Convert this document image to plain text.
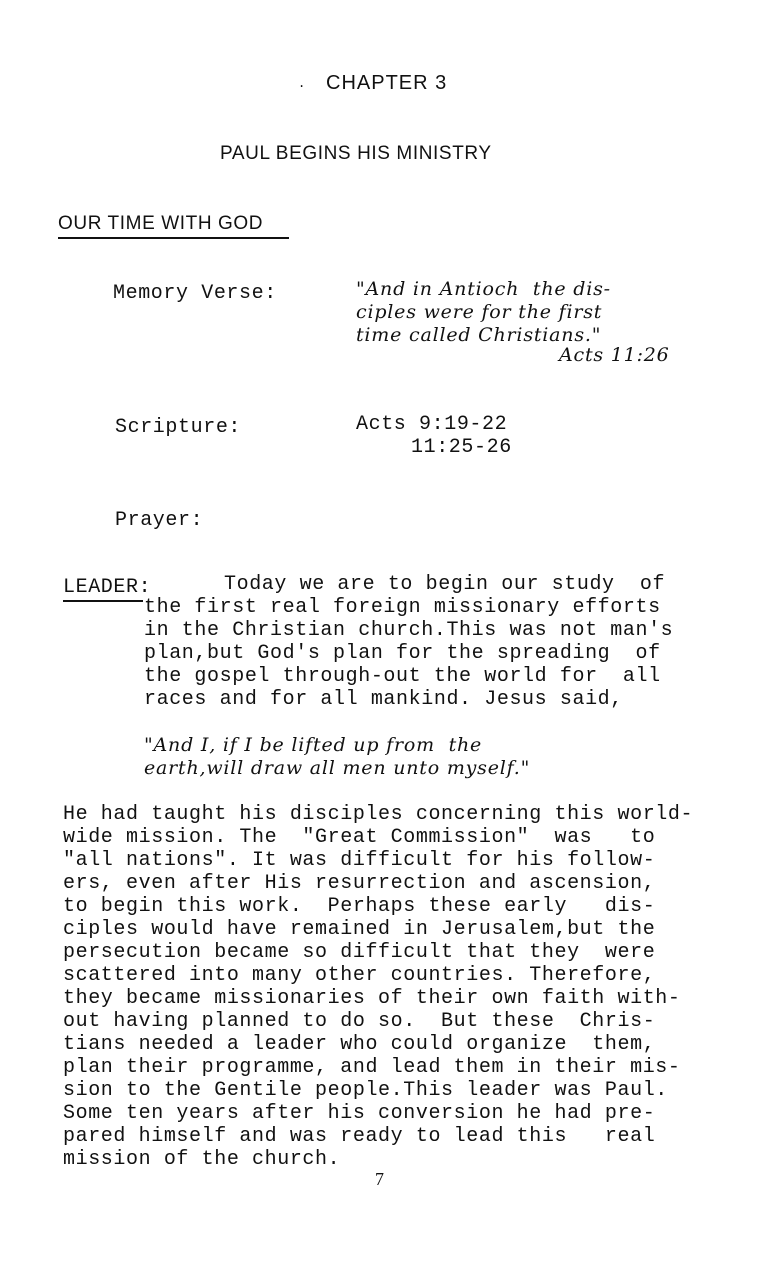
. CHAPTER 3
PAUL BEGINS HIS MINISTRY
OUR TIME WITH GOD
Memory Verse:	"And in Antioch  the dis-
ciples were for the first
time called Christians."
Acts 11:26
Scripture:	Acts 9:19-22
11:25-26
Prayer:
LEADER:	Today we are to begin our study  of
the first real foreign missionary efforts
in the Christian church.This was not man's
plan,but God's plan for the spreading  of
the gospel through-out the world for  all
races and for all mankind. Jesus said,
"And I, if I be lifted up from  the
earth,will draw all men unto myself."
He had taught his disciples concerning this world-
wide mission. The  "Great Commission"  was   to
"all nations". It was difficult for his follow-
ers, even after His resurrection and ascension,
to begin this work.  Perhaps these early   dis-
ciples would have remained in Jerusalem,but the
persecution became so difficult that they  were
scattered into many other countries. Therefore,
they became missionaries of their own faith with-
out having planned to do so.  But these  Chris-
tians needed a leader who could organize  them,
plan their programme, and lead them in their mis-
sion to the Gentile people.This leader was Paul.
Some ten years after his conversion he had pre-
pared himself and was ready to lead this   real
mission of the church.
7
